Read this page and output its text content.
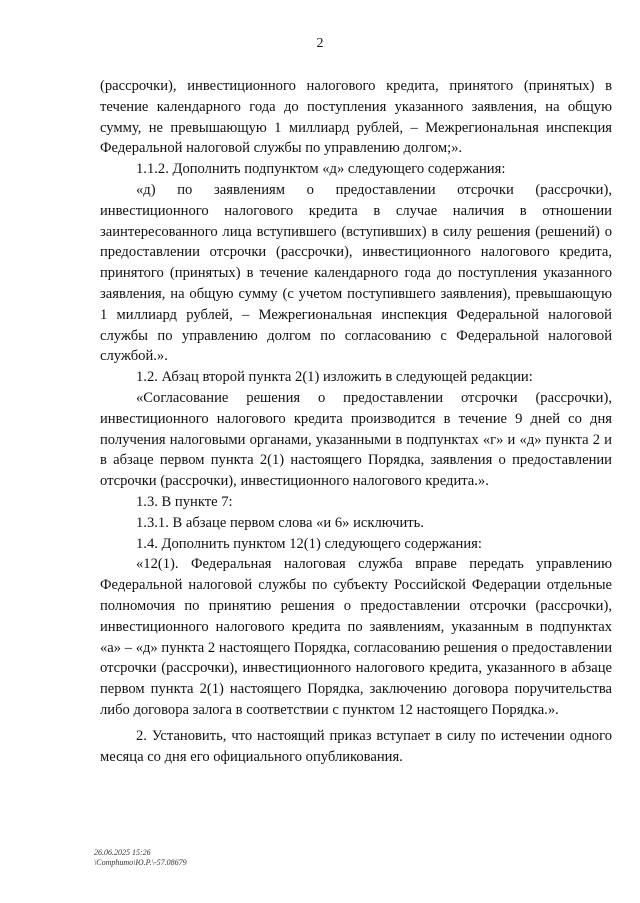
2

(рассрочки), инвестиционного налогового кредита, принятого (принятых) в течение календарного года до поступления указанного заявления, на общую сумму, не превышающую 1 миллиард рублей, – Межрегиональная инспекция Федеральной налоговой службы по управлению долгом;».

1.1.2. Дополнить подпунктом «д» следующего содержания:

«д) по заявлениям о предоставлении отсрочки (рассрочки), инвестиционного налогового кредита в случае наличия в отношении заинтересованного лица вступившего (вступивших) в силу решения (решений) о предоставлении отсрочки (рассрочки), инвестиционного налогового кредита, принятого (принятых) в течение календарного года до поступления указанного заявления, на общую сумму (с учетом поступившего заявления), превышающую 1 миллиард рублей, – Межрегиональная инспекция Федеральной налоговой службы по управлению долгом по согласованию с Федеральной налоговой службой.».

1.2. Абзац второй пункта 2(1) изложить в следующей редакции:

«Согласование решения о предоставлении отсрочки (рассрочки), инвестиционного налогового кредита производится в течение 9 дней со дня получения налоговыми органами, указанными в подпунктах «г» и «д» пункта 2 и в абзаце первом пункта 2(1) настоящего Порядка, заявления о предоставлении отсрочки (рассрочки), инвестиционного налогового кредита.».

1.3. В пункте 7:

1.3.1. В абзаце первом слова «и 6» исключить.

1.4. Дополнить пунктом 12(1) следующего содержания:

«12(1). Федеральная налоговая служба вправе передать управлению Федеральной налоговой службы по субъекту Российской Федерации отдельные полномочия по принятию решения о предоставлении отсрочки (рассрочки), инвестиционного налогового кредита по заявлениям, указанным в подпунктах «а» – «д» пункта 2 настоящего Порядка, согласованию решения о предоставлении отсрочки (рассрочки), инвестиционного налогового кредита, указанного в абзаце первом пункта 2(1) настоящего Порядка, заключению договора поручительства либо договора залога в соответствии с пунктом 12 настоящего Порядка.».

2. Установить, что настоящий приказ вступает в силу по истечении одного месяца со дня его официального опубликования.

26.06.2025 15:26
\Сотрhumo\Ю.Р.\-57.08679
